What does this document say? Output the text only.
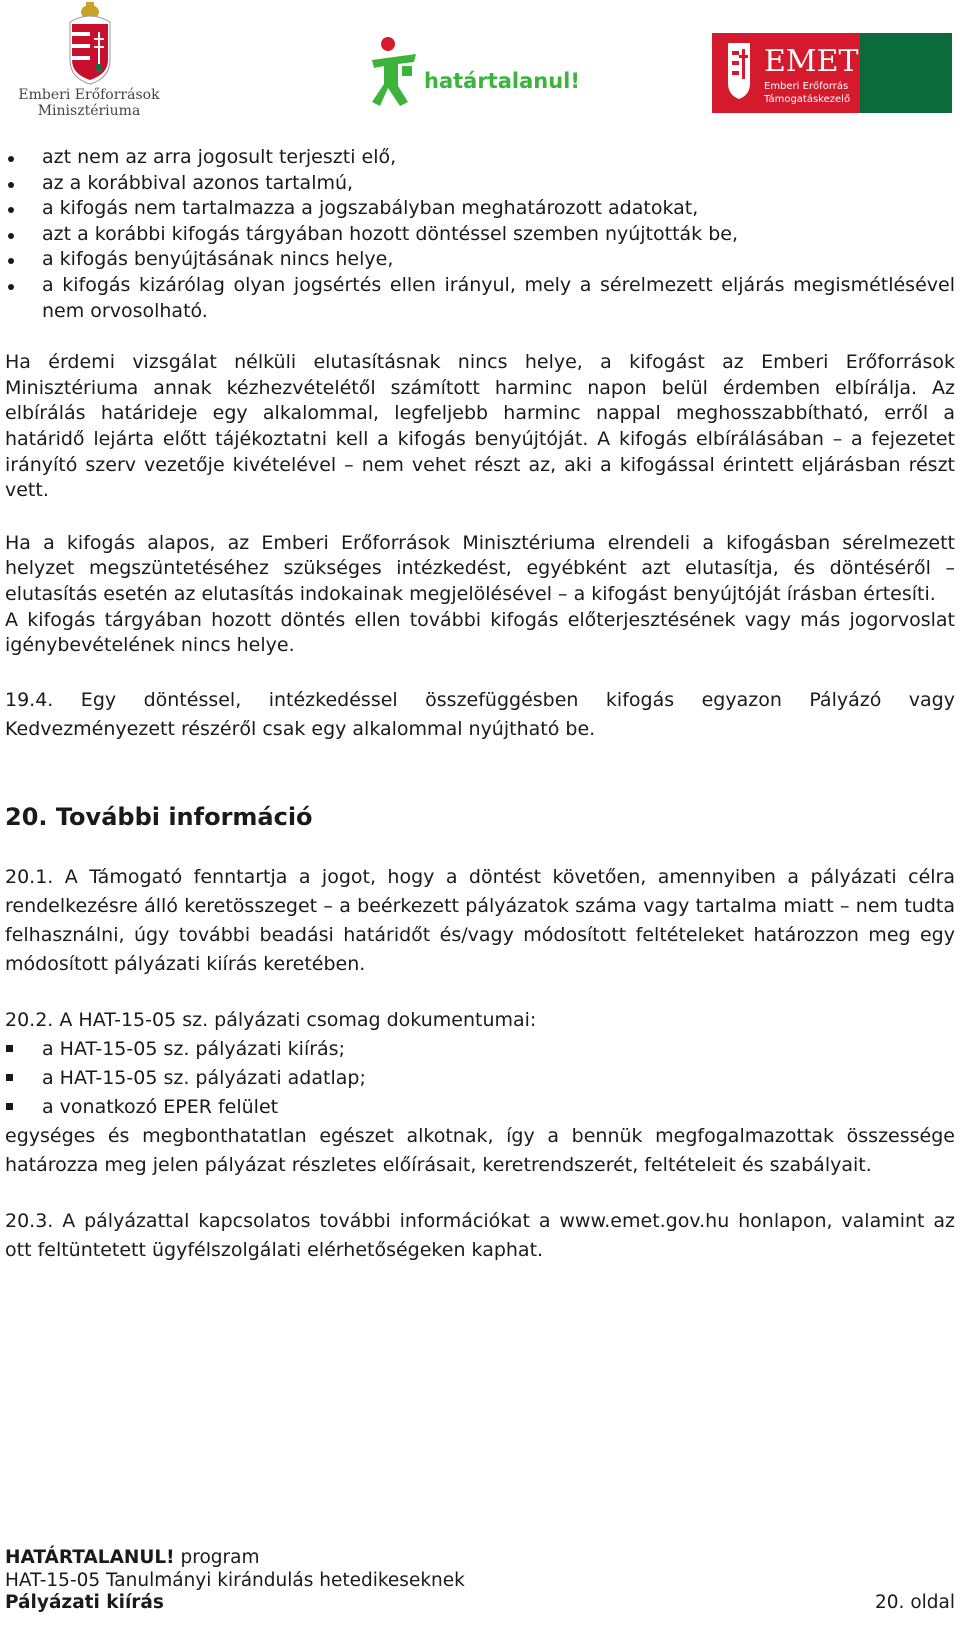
Emberi Erőforrások
Minisztériuma
határtalanul!
EMET
Emberi Erőforrás
Támogatáskezelő
azt nem az arra jogosult terjeszti elő,
az a korábbival azonos tartalmú,
a kifogás nem tartalmazza a jogszabályban meghatározott adatokat,
azt a korábbi kifogás tárgyában hozott döntéssel szemben nyújtották be,
a kifogás benyújtásának nincs helye,
a kifogás kizárólag olyan jogsértés ellen irányul, mely a sérelmezett eljárás megismétlésével nem orvosolható.

Ha érdemi vizsgálat nélküli elutasításnak nincs helye, a kifogást az Emberi Erőforrások Minisztériuma annak kézhezvételétől számított harminc napon belül érdemben elbírálja. Az elbírálás határideje egy alkalommal, legfeljebb harminc nappal meghosszabbítható, erről a határidő lejárta előtt tájékoztatni kell a kifogás benyújtóját. A kifogás elbírálásában – a fejezetet irányító szerv vezetője kivételével – nem vehet részt az, aki a kifogással érintett eljárásban részt vett.

Ha a kifogás alapos, az Emberi Erőforrások Minisztériuma elrendeli a kifogásban sérelmezett helyzet megszüntetéséhez szükséges intézkedést, egyébként azt elutasítja, és döntéséről – elutasítás esetén az elutasítás indokainak megjelölésével – a kifogást benyújtóját írásban értesíti.

A kifogás tárgyában hozott döntés ellen további kifogás előterjesztésének vagy más jogorvoslat igénybevételének nincs helye.

19.4. Egy döntéssel, intézkedéssel összefüggésben kifogás egyazon Pályázó vagy Kedvezményezett részéről csak egy alkalommal nyújtható be.

20. További információ

20.1. A Támogató fenntartja a jogot, hogy a döntést követően, amennyiben a pályázati célra rendelkezésre álló keretösszeget – a beérkezett pályázatok száma vagy tartalma miatt – nem tudta felhasználni, úgy további beadási határidőt és/vagy módosított feltételeket határozzon meg egy módosított pályázati kiírás keretében.

20.2. A HAT-15-05 sz. pályázati csomag dokumentumai:

a HAT-15-05 sz. pályázati kiírás;
a HAT-15-05 sz. pályázati adatlap;
a vonatkozó EPER felület

egységes és megbonthatatlan egészet alkotnak, így a bennük megfogalmazottak összessége határozza meg jelen pályázat részletes előírásait, keretrendszerét, feltételeit és szabályait.

20.3. A pályázattal kapcsolatos további információkat a www.emet.gov.hu honlapon, valamint az ott feltüntetett ügyfélszolgálati elérhetőségeken kaphat.

HATÁRTALANUL! program
HAT-15-05 Tanulmányi kirándulás hetedikeseknek
Pályázati kiírás	20. oldal
